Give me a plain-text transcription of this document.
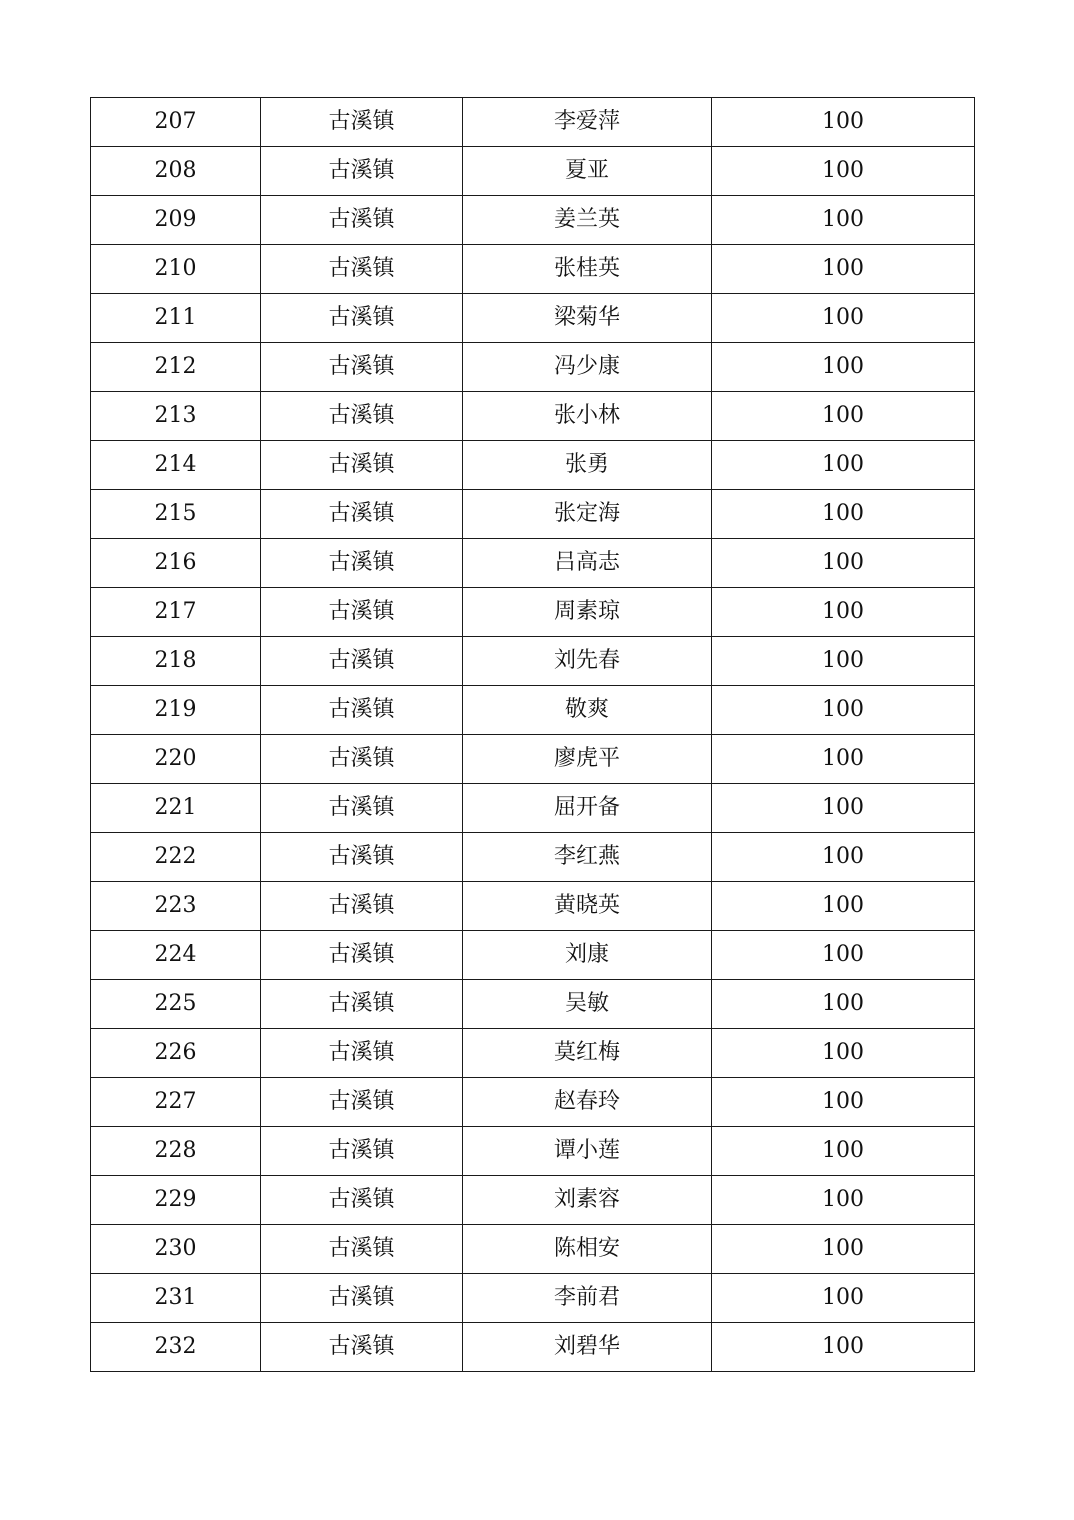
207	古溪镇	李爱萍	100
208	古溪镇	夏亚	100
209	古溪镇	姜兰英	100
210	古溪镇	张桂英	100
211	古溪镇	梁菊华	100
212	古溪镇	冯少康	100
213	古溪镇	张小林	100
214	古溪镇	张勇	100
215	古溪镇	张定海	100
216	古溪镇	吕高志	100
217	古溪镇	周素琼	100
218	古溪镇	刘先春	100
219	古溪镇	敬爽	100
220	古溪镇	廖虎平	100
221	古溪镇	屈开备	100
222	古溪镇	李红燕	100
223	古溪镇	黄晓英	100
224	古溪镇	刘康	100
225	古溪镇	吴敏	100
226	古溪镇	莫红梅	100
227	古溪镇	赵春玲	100
228	古溪镇	谭小莲	100
229	古溪镇	刘素容	100
230	古溪镇	陈相安	100
231	古溪镇	李前君	100
232	古溪镇	刘碧华	100
